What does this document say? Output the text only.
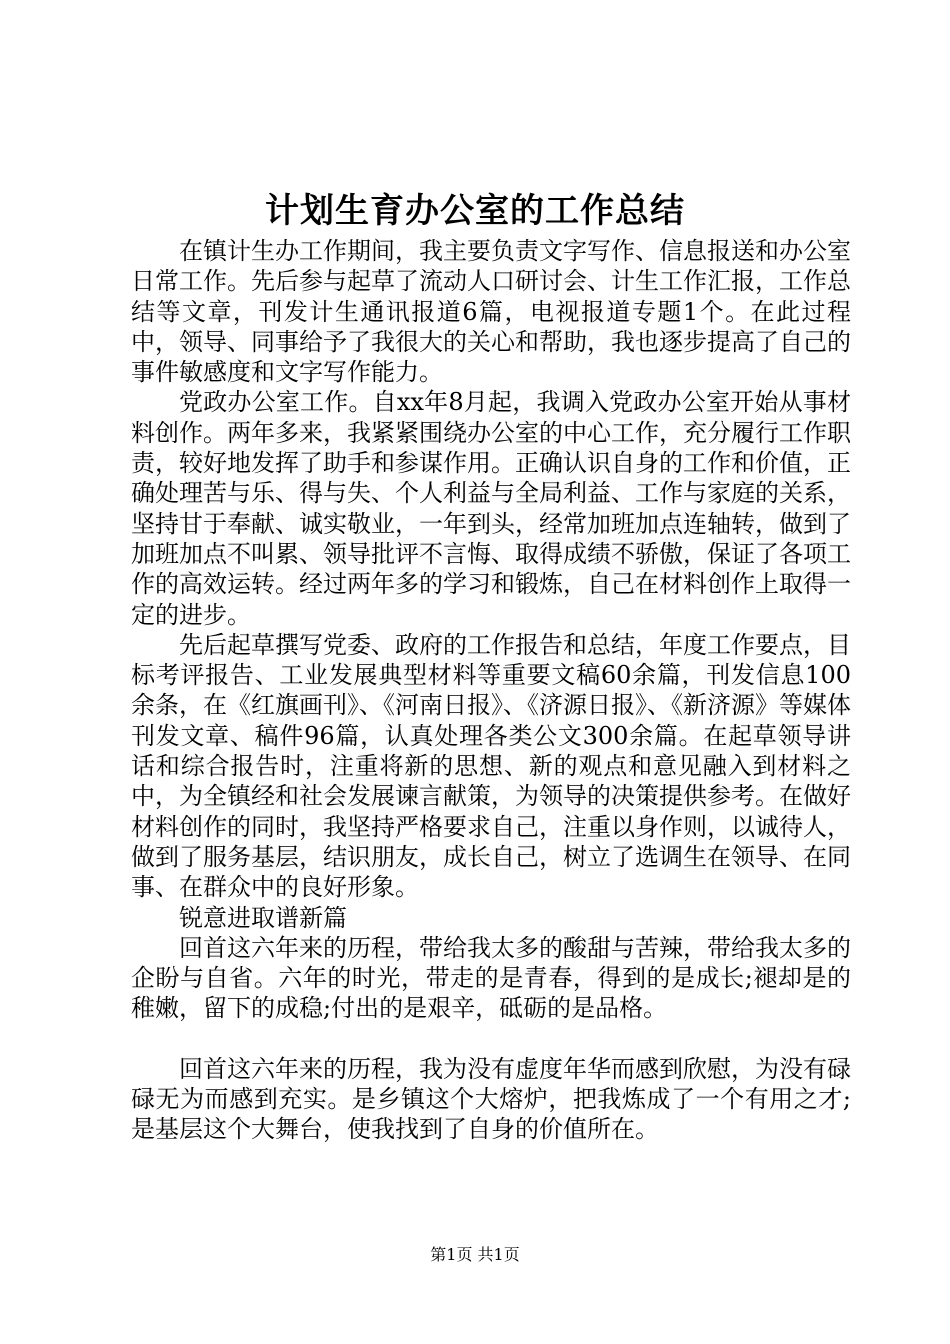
计划生育办公室的工作总结

在镇计生办工作期间，我主要负责文字写作、信息报送和办公室日常工作。先后参与起草了流动人口研讨会、计生工作汇报，工作总结等文章，刊发计生通讯报道6篇，电视报道专题1个。在此过程中，领导、同事给予了我很大的关心和帮助，我也逐步提高了自己的事件敏感度和文字写作能力。

党政办公室工作。自xx年8月起，我调入党政办公室开始从事材料创作。两年多来，我紧紧围绕办公室的中心工作，充分履行工作职责，较好地发挥了助手和参谋作用。正确认识自身的工作和价值，正确处理苦与乐、得与失、个人利益与全局利益、工作与家庭的关系，坚持甘于奉献、诚实敬业，一年到头，经常加班加点连轴转，做到了加班加点不叫累、领导批评不言悔、取得成绩不骄傲，保证了各项工作的高效运转。经过两年多的学习和锻炼，自己在材料创作上取得一定的进步。

先后起草撰写党委、政府的工作报告和总结，年度工作要点，目标考评报告、工业发展典型材料等重要文稿60余篇，刊发信息100余条，在《红旗画刊》、《河南日报》、《济源日报》、《新济源》等媒体刊发文章、稿件96篇，认真处理各类公文300余篇。在起草领导讲话和综合报告时，注重将新的思想、新的观点和意见融入到材料之中，为全镇经和社会发展谏言献策，为领导的决策提供参考。在做好材料创作的同时，我坚持严格要求自己，注重以身作则，以诚待人，做到了服务基层，结识朋友，成长自己，树立了选调生在领导、在同事、在群众中的良好形象。

锐意进取谱新篇

回首这六年来的历程，带给我太多的酸甜与苦辣，带给我太多的企盼与自省。六年的时光，带走的是青春，得到的是成长;褪却是的稚嫩，留下的成稳;付出的是艰辛，砥砺的是品格。

回首这六年来的历程，我为没有虚度年华而感到欣慰，为没有碌碌无为而感到充实。是乡镇这个大熔炉，把我炼成了一个有用之才;是基层这个大舞台，使我找到了自身的价值所在。

第1页 共1页
